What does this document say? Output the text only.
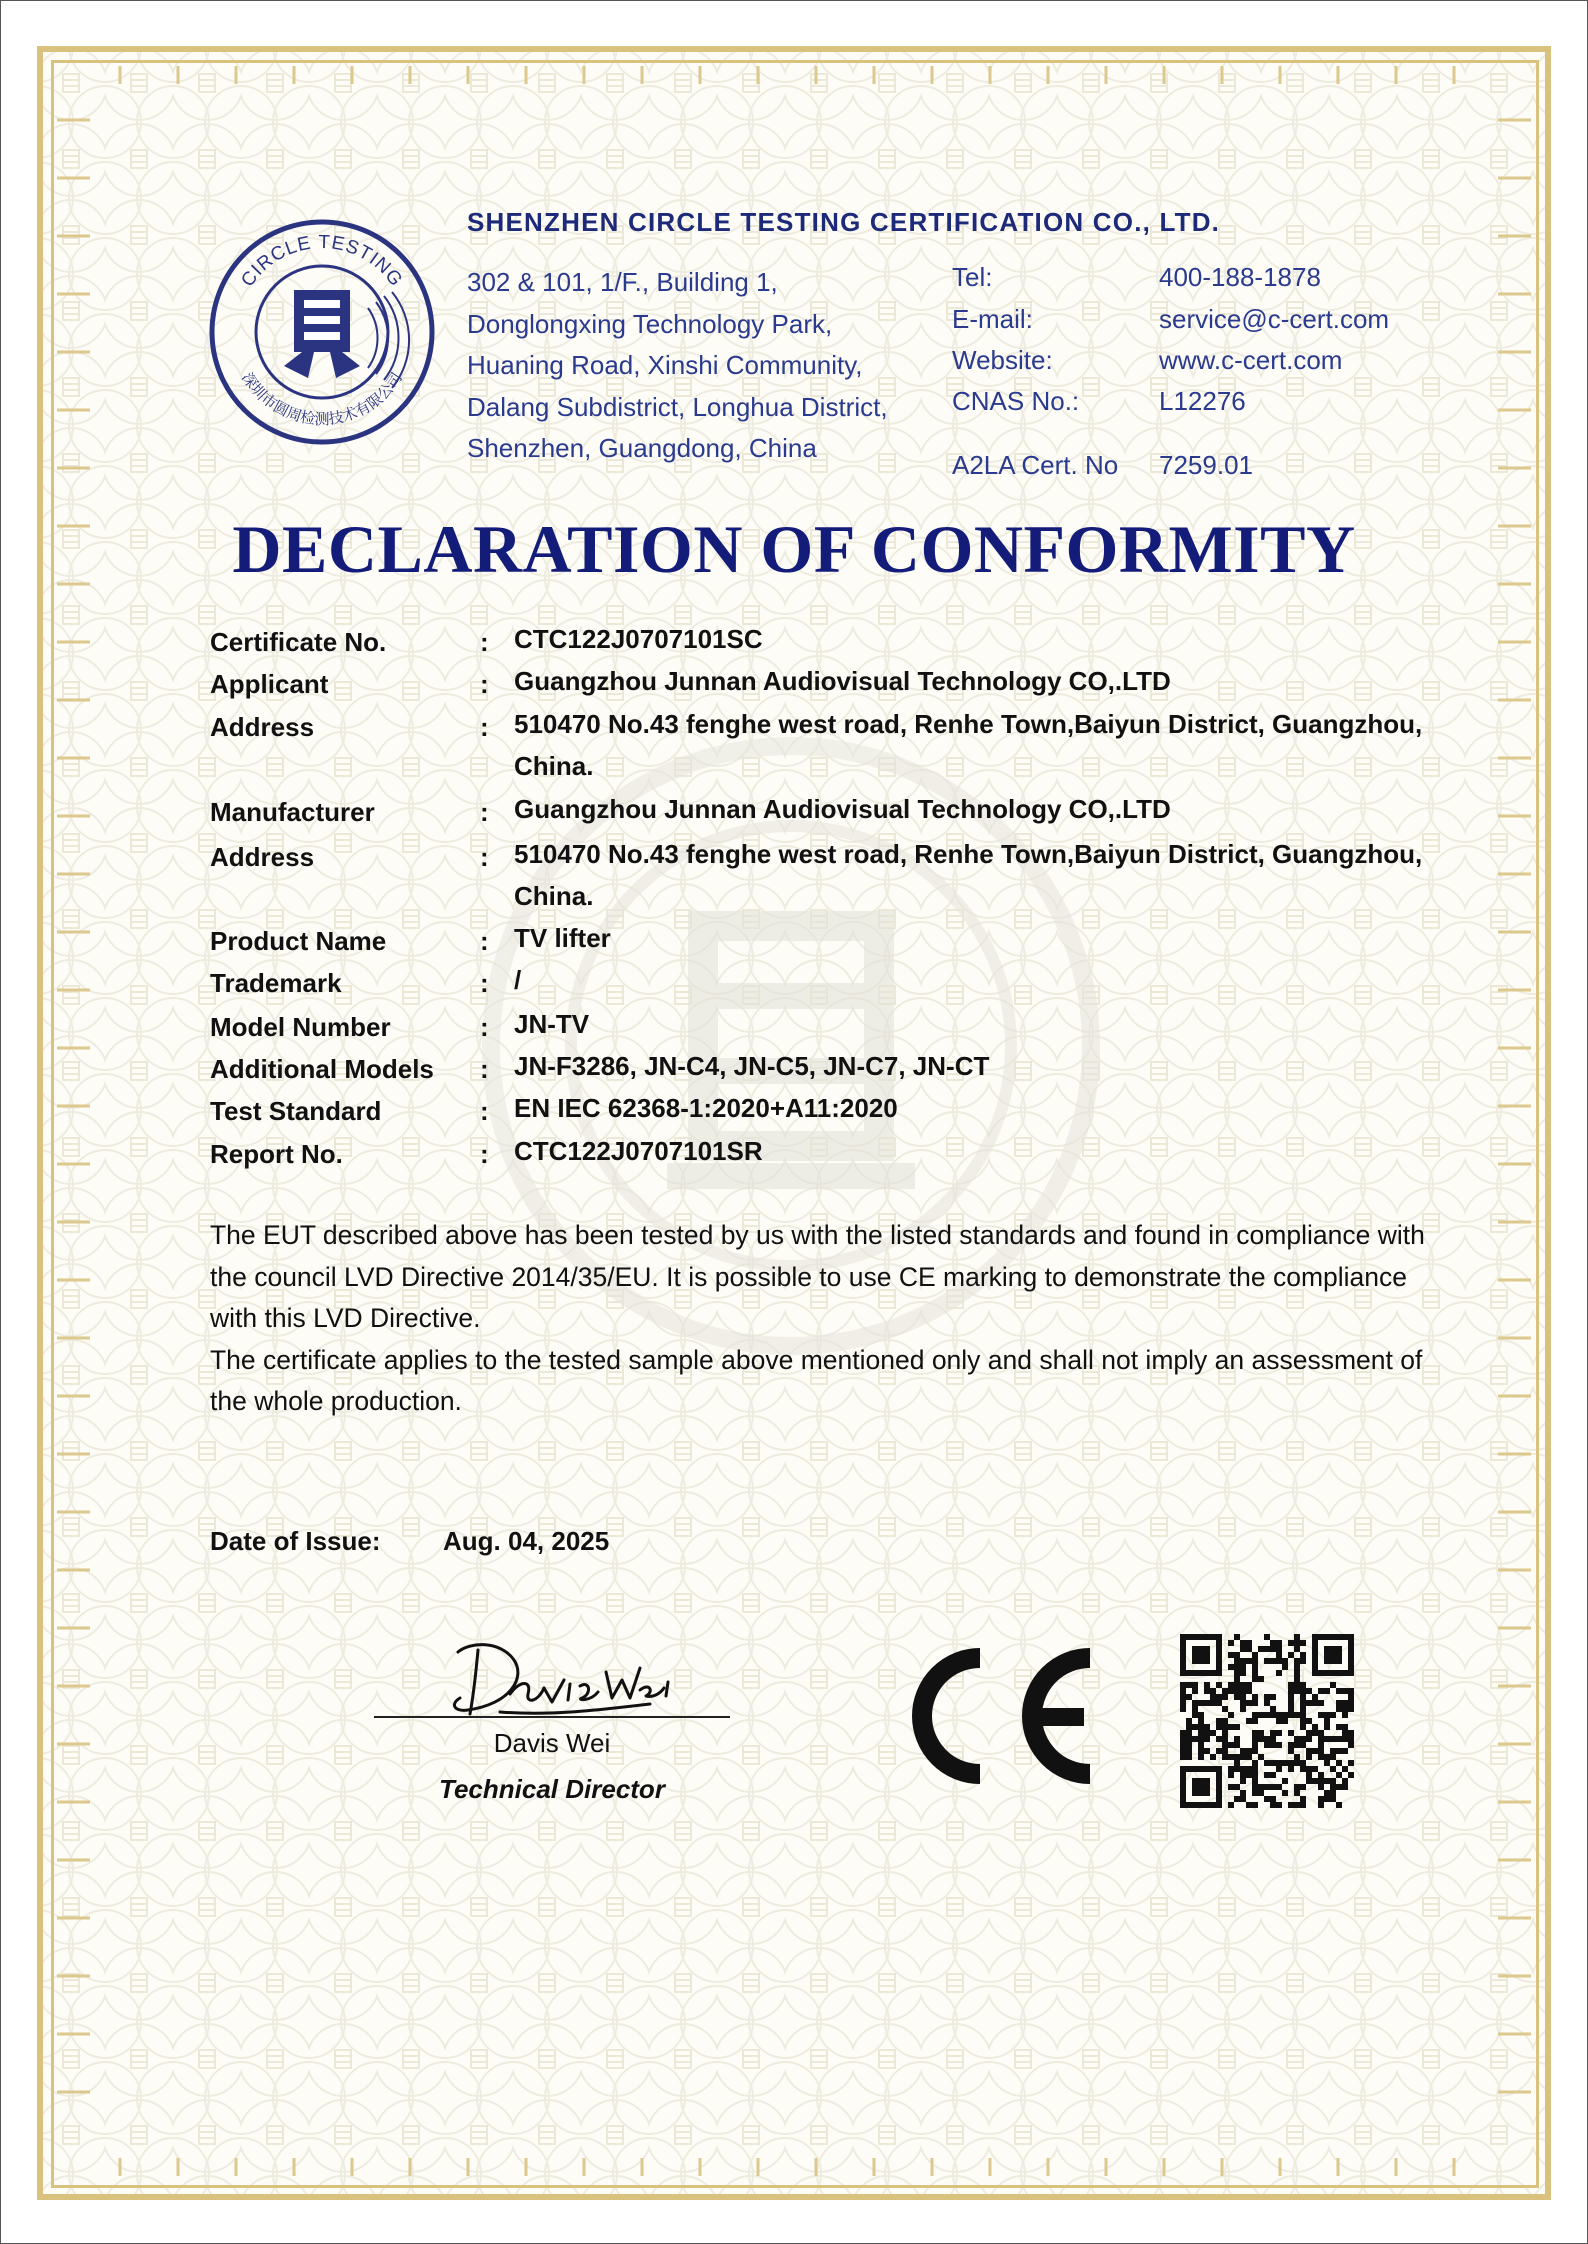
CIRCLE TESTING
深圳市圆周检测技术有限公司
SHENZHEN CIRCLE TESTING CERTIFICATION CO., LTD.
302 & 101, 1/F., Building 1,
Donglongxing Technology Park,
Huaning Road, Xinshi Community,
Dalang Subdistrict, Longhua District,
Shenzhen, Guangdong, China
Tel:	400-188-1878
E-mail:	service@c-cert.com
Website:	www.c-cert.com
CNAS No.:	L12276
A2LA Cert. No 7259.01
DECLARATION OF CONFORMITY
Certificate No.	: CTC122J0707101SC
Applicant	: Guangzhou Junnan Audiovisual Technology CO,.LTD
Address	: 510470 No.43 fenghe west road, Renhe Town,Baiyun District, Guangzhou, China.
Manufacturer	: Guangzhou Junnan Audiovisual Technology CO,.LTD
Address	: 510470 No.43 fenghe west road, Renhe Town,Baiyun District, Guangzhou, China.
Product Name	: TV lifter
Trademark	: /
Model Number	: JN-TV
Additional Models : JN-F3286, JN-C4, JN-C5, JN-C7, JN-CT
Test Standard	: EN IEC 62368-1:2020+A11:2020
Report No.	: CTC122J0707101SR

The EUT described above has been tested by us with the listed standards and found in compliance with the council LVD Directive 2014/35/EU. It is possible to use CE marking to demonstrate the compliance with this LVD Directive.

The certificate applies to the tested sample above mentioned only and shall not imply an assessment of the whole production.

Date of Issue: Aug. 04, 2025
Davis Wei
Technical Director
